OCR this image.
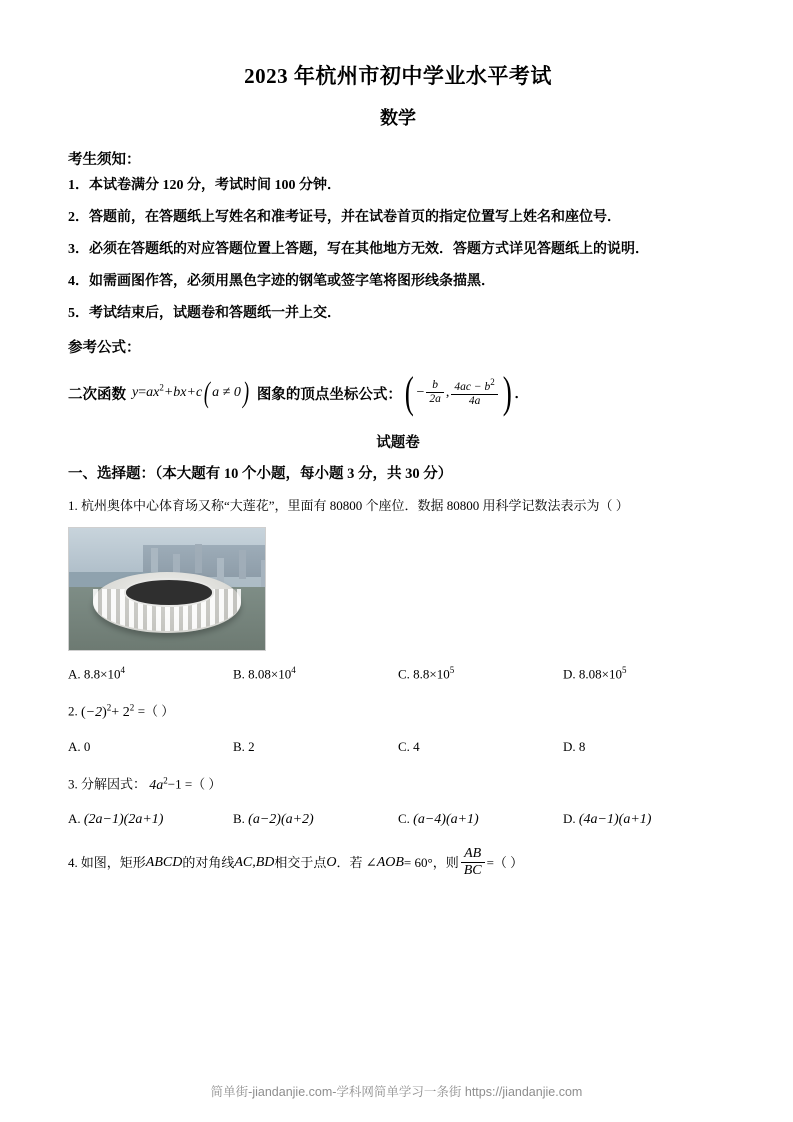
2023 年杭州市初中学业水平考试
数学
考生须知：
1．本试卷满分 120 分，考试时间 100 分钟．
2．答题前，在答题纸上写姓名和准考证号，并在试卷首页的指定位置写上姓名和座位号．
3．必须在答题纸的对应答题位置上答题，写在其他地方无效．答题方式详见答题纸上的说明．
4．如需画图作答，必须用黑色字迹的钢笔或签字笔将图形线条描黑．
5．考试结束后，试题卷和答题纸一并上交．
参考公式：
二次函数 $y=ax^2+bx+c$ ( a ≠ 0 ) 图象的顶点坐标公式： ( − $\frac{b}{2a}$ , $\frac{4ac - b^2}{4a}$ ) ．
试题卷
一、选择题：（本大题有 10 个小题，每小题 3 分，共 30 分）
1. 杭州奥体中心体育场又称“大莲花”，里面有 80800 个座位．数据 80800 用科学记数法表示为（ ）
A. $8.8\times 10^4$	B. $8.08\times 10^4$	C. $8.8\times 10^5$	D. $8.08\times 10^5$
2. $(-2)^2+ 2^2$ =（ ）
A. 0	B. 2	C. 4	D. 8
3. 分解因式： $4a^2-1$ =（ ）
A. (2a−1)(2a+1)	B. (a−2)(a+2)	C. (a−4)(a+1)	D. (4a−1)(a+1)
4. 如图，矩形 ABCD 的对角线 AC,BD 相交于点 O ．若 ∠ AOB = 60°，则 $\frac{AB}{BC}$ =（ ）
简单街-jiandanjie.com-学科网简单学习一条街 https://jiandanjie.com
